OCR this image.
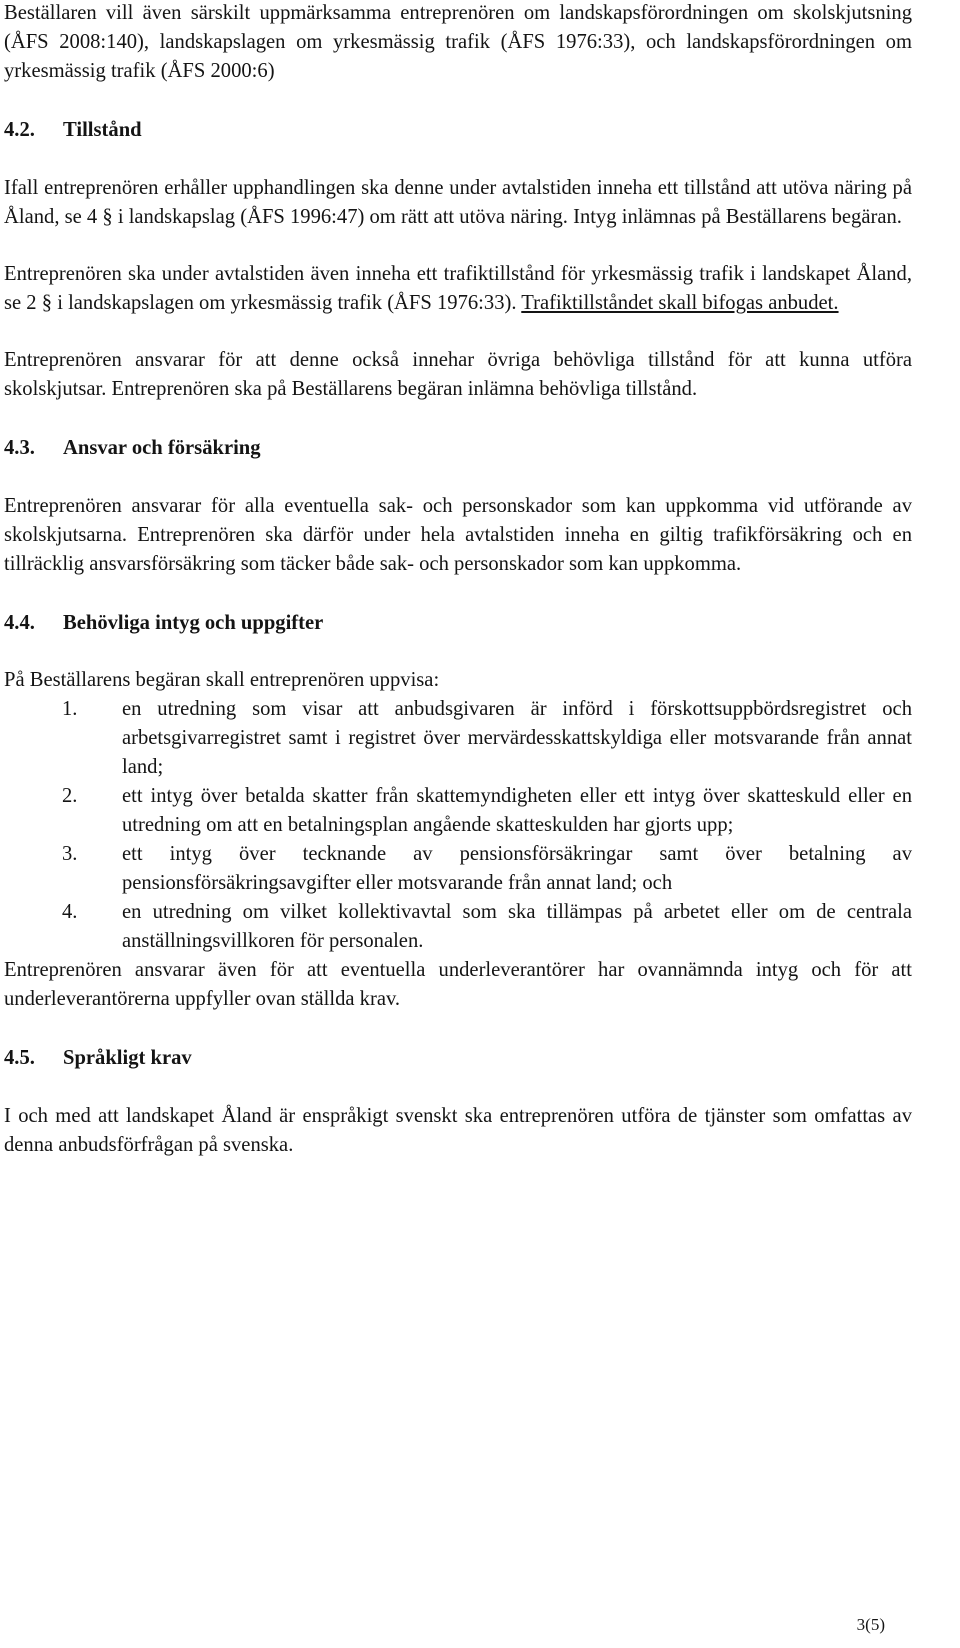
Beställaren vill även särskilt uppmärksamma entreprenören om landskapsförordningen om skolskjutsning (ÅFS 2008:140), landskapslagen om yrkesmässig trafik (ÅFS 1976:33), och landskapsförordningen om yrkesmässig trafik (ÅFS 2000:6)

4.2.	Tillstånd

Ifall entreprenören erhåller upphandlingen ska denne under avtalstiden inneha ett tillstånd att utöva näring på Åland, se 4 § i landskapslag (ÅFS 1996:47) om rätt att utöva näring. Intyg inlämnas på Beställarens begäran.

Entreprenören ska under avtalstiden även inneha ett trafiktillstånd för yrkesmässig trafik i landskapet Åland, se 2 § i landskapslagen om yrkesmässig trafik (ÅFS 1976:33). Trafiktillståndet skall bifogas anbudet.

Entreprenören ansvarar för att denne också innehar övriga behövliga tillstånd för att kunna utföra skolskjutsar. Entreprenören ska på Beställarens begäran inlämna behövliga tillstånd.

4.3.	Ansvar och försäkring

Entreprenören ansvarar för alla eventuella sak- och personskador som kan uppkomma vid utförande av skolskjutsarna. Entreprenören ska därför under hela avtalstiden inneha en giltig trafikförsäkring och en tillräcklig ansvarsförsäkring som täcker både sak- och personskador som kan uppkomma.

4.4.	Behövliga intyg och uppgifter

På Beställarens begäran skall entreprenören uppvisa:

1.	en utredning som visar att anbudsgivaren är införd i förskottsuppbördsregistret och arbetsgivarregistret samt i registret över mervärdesskattskyldiga eller motsvarande från annat land;
2.	ett intyg över betalda skatter från skattemyndigheten eller ett intyg över skatteskuld eller en utredning om att en betalningsplan angående skatteskulden har gjorts upp;
3.	ett intyg över tecknande av pensionsförsäkringar samt över betalning av pensionsförsäkringsavgifter eller motsvarande från annat land; och
4.	en utredning om vilket kollektivavtal som ska tillämpas på arbetet eller om de centrala anställningsvillkoren för personalen.

Entreprenören ansvarar även för att eventuella underleverantörer har ovannämnda intyg och för att underleverantörerna uppfyller ovan ställda krav.

4.5.	Språkligt krav

I och med att landskapet Åland är enspråkigt svenskt ska entreprenören utföra de tjänster som omfattas av denna anbudsförfrågan på svenska.

3(5)
